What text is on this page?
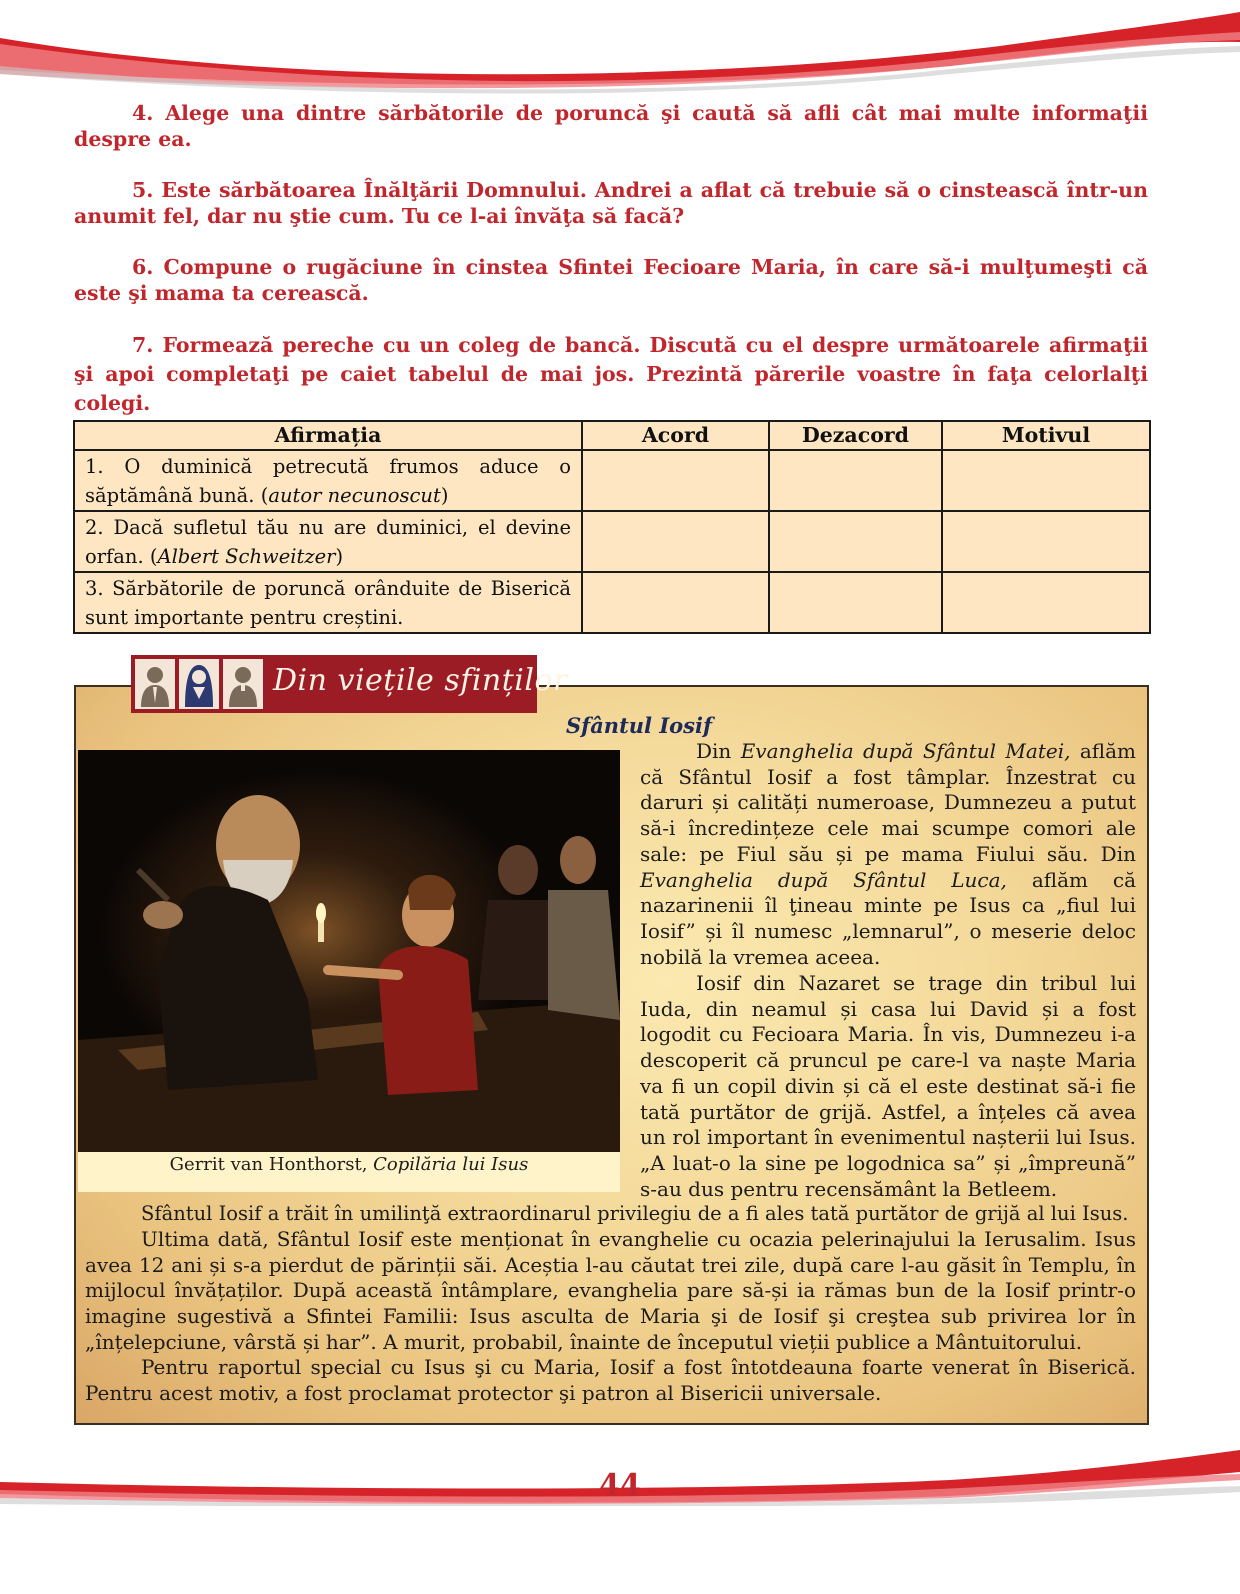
4. Alege una dintre sărbătorile de poruncă şi caută să afli cât mai multe informaţii despre ea.

5. Este sărbătoarea Înălţării Domnului. Andrei a aflat că trebuie să o cinstească într-un anumit fel, dar nu ştie cum. Tu ce l-ai învăţa să facă?

6. Compune o rugăciune în cinstea Sfintei Fecioare Maria, în care să-i mulţumeşti că este şi mama ta cerească.

7. Formează pereche cu un coleg de bancă. Discută cu el despre următoarele afirmaţii şi apoi completaţi pe caiet tabelul de mai jos. Prezintă părerile voastre în faţa celorlalţi colegi.

Afirmația	Acord	Dezacord	Motivul
1. O duminică petrecută frumos aduce o săptămână bună. (autor necunoscut)			
2. Dacă sufletul tău nu are duminici, el devine orfan. (Albert Schweitzer)			
3. Sărbătorile de poruncă orânduite de Biserică sunt importante pentru creștini.			
Din viețile sfinților
Sfântul Iosif
Gerrit van Honthorst, Copilăria lui Isus

Din Evanghelia după Sfântul Matei, aflăm că Sfântul Iosif a fost tâmplar. Înzestrat cu daruri și calități numeroase, Dumnezeu a putut să-i încredințeze cele mai scumpe comori ale sale: pe Fiul său și pe mama Fiului său. Din Evanghelia după Sfântul Luca, aflăm că nazarinenii îl ţineau minte pe Isus ca „fiul lui Iosif” și îl numesc „lemnarul”, o meserie deloc nobilă la vremea aceea.

Iosif din Nazaret se trage din tribul lui Iuda, din neamul și casa lui David și a fost logodit cu Fecioara Maria. În vis, Dumnezeu i-a descoperit că pruncul pe care-l va naște Maria va fi un copil divin și că el este destinat să-i fie tată purtător de grijă. Astfel, a înțeles că avea un rol important în evenimentul nașterii lui Isus. „A luat-o la sine pe logodnica sa” și „împreună” s-au dus pentru recensământ la Betleem.

Sfântul Iosif a trăit în umilinţă extraordinarul privilegiu de a fi ales tată purtător de grijă al lui Isus.

Ultima dată, Sfântul Iosif este menționat în evanghelie cu ocazia pelerinajului la Ierusalim. Isus avea 12 ani și s-a pierdut de părinții săi. Aceștia l-au căutat trei zile, după care l-au găsit în Templu, în mijlocul învățaților. După această întâmplare, evanghelia pare să-și ia rămas bun de la Iosif printr-o imagine sugestivă a Sfintei Familii: Isus asculta de Maria şi de Iosif şi creştea sub privirea lor în „înțelepciune, vârstă și har”. A murit, probabil, înainte de începutul vieții publice a Mântuitorului.

Pentru raportul special cu Isus şi cu Maria, Iosif a fost întotdeauna foarte venerat în Biserică. Pentru acest motiv, a fost proclamat protector şi patron al Bisericii universale.

44
